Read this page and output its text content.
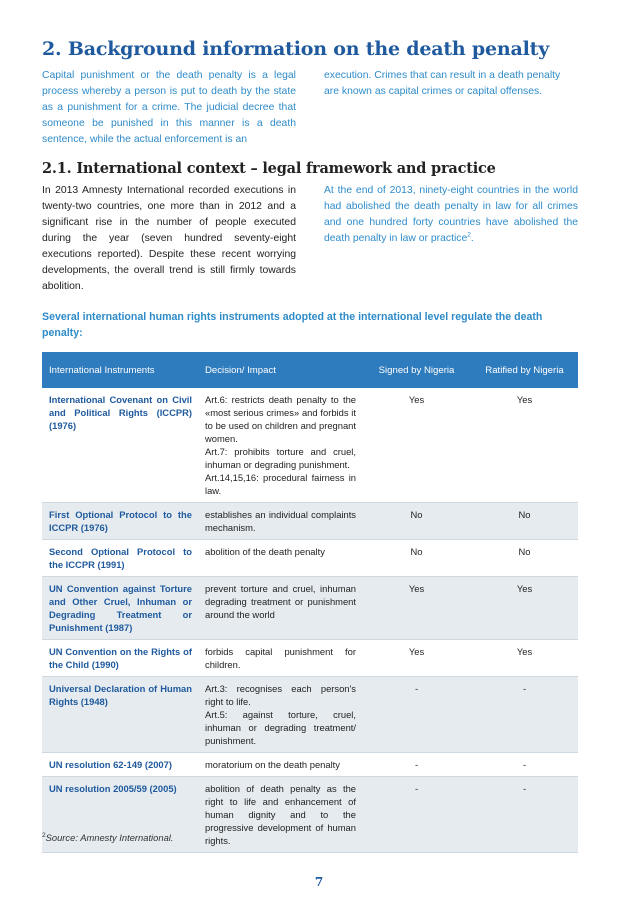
2. Background information on the death penalty
Capital punishment or the death penalty is a legal process whereby a person is put to death by the state as a punishment for a crime. The judicial decree that someone be punished in this manner is a death sentence, while the actual enforcement is an
execution. Crimes that can result in a death penalty are known as capital crimes or capital offenses.
2.1. International context – legal framework and practice
In 2013 Amnesty International recorded executions in twenty-two countries, one more than in 2012 and a significant rise in the number of people executed during the year (seven hundred seventy-eight executions reported). Despite these recent worrying developments, the overall trend is still firmly towards abolition.
At the end of 2013, ninety-eight countries in the world had abolished the death penalty in law for all crimes and one hundred forty countries have abolished the death penalty in law or practice$^2$.
Several international human rights instruments adopted at the international level regulate the death penalty:
International Instruments	Decision/ Impact	Signed by Nigeria	Ratified by Nigeria
International Covenant on Civil and Political Rights (ICCPR) (1976)	Art.6: restricts death penalty to the «most serious crimes» and forbids it to be used on children and pregnant women.
Art.7: prohibits torture and cruel, inhuman or degrading punishment.
Art.14,15,16: procedural fairness in law.	Yes	Yes
First Optional Protocol to the ICCPR (1976)	establishes an individual complaints mechanism.	No	No
Second Optional Protocol to the ICCPR (1991)	abolition of the death penalty	No	No
UN Convention against Torture and Other Cruel, Inhuman or Degrading Treatment or Punishment (1987)	prevent torture and cruel, inhuman degrading treatment or punishment around the world	Yes	Yes
UN Convention on the Rights of the Child (1990)	forbids capital punishment for children.	Yes	Yes
Universal Declaration of Human Rights (1948)	Art.3: recognises each person's right to life.
Art.5: against torture, cruel, inhuman or degrading treatment/ punishment.	-	-
UN resolution 62-149 (2007)	moratorium on the death penalty	-	-
UN resolution 2005/59 (2005)	abolition of death penalty as the right to life and enhancement of human dignity and to the progressive development of human rights.	-	-
$^2$Source: Amnesty International.
7
